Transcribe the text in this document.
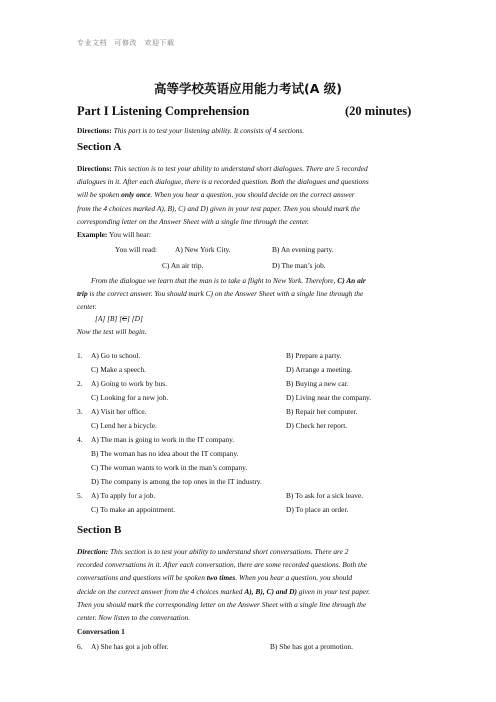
专业文档　可修改　欢迎下载
高等学校英语应用能力考试(A 级)
Part I Listening Comprehension	(20 minutes)
Directions: This part is to test your listening ability. It consists of 4 sections.
Section A
Directions: This section is to test your ability to understand short dialogues. There are 5 recorded
dialogues in it. After each dialogue, there is a recorded question. Both the dialogues and questions
will be spoken only once. When you hear a question, you should decide on the correct answer
from the 4 choices marked A), B), C) and D) given in your test paper. Then you should mark the
corresponding letter on the Answer Sheet with a single line through the center.
Example: You will hear:
You will read: A) New York City.	B) An evening party.
C) An air trip.	D) The man’s job.
From the dialogue we learn that the man is to take a flight to New York. Therefore, C) An air
trip is the correct answer. You should mark C) on the Answer Sheet with a single line through the
center.
[A] [B] [C] [D]
Now the test will begin.
1. A) Go to school.	B) Prepare a party.
C) Make a speech.	D) Arrange a meeting.
2. A) Going to work by bus.	B) Buying a new car.
C) Looking for a new job.	D) Living near the company.
3. A) Visit her office.	B) Repair her computer.
C) Lend her a bicycle.	D) Check her report.
4. A) The man is going to work in the IT company.
B) The woman has no idea about the IT company.
C) The woman wants to work in the man’s company.
D) The company is among the top ones in the IT industry.
5. A) To apply for a job.	B) To ask for a sick leave.
C) To make an appointment.	D) To place an order.
Section B
Direction: This section is to test your ability to understand short conversations. There are 2
recorded conversations in it. After each conversation, there are some recorded questions. Both the
conversations and questions will be spoken two times. When you hear a question, you should
decide on the correct answer from the 4 choices marked A), B), C) and D) given in your test paper.
Then you should mark the corresponding letter on the Answer Sheet with a single line through the
center. Now listen to the conversation.
Conversation 1
6. A) She has got a job offer.	B) She has got a promotion.
